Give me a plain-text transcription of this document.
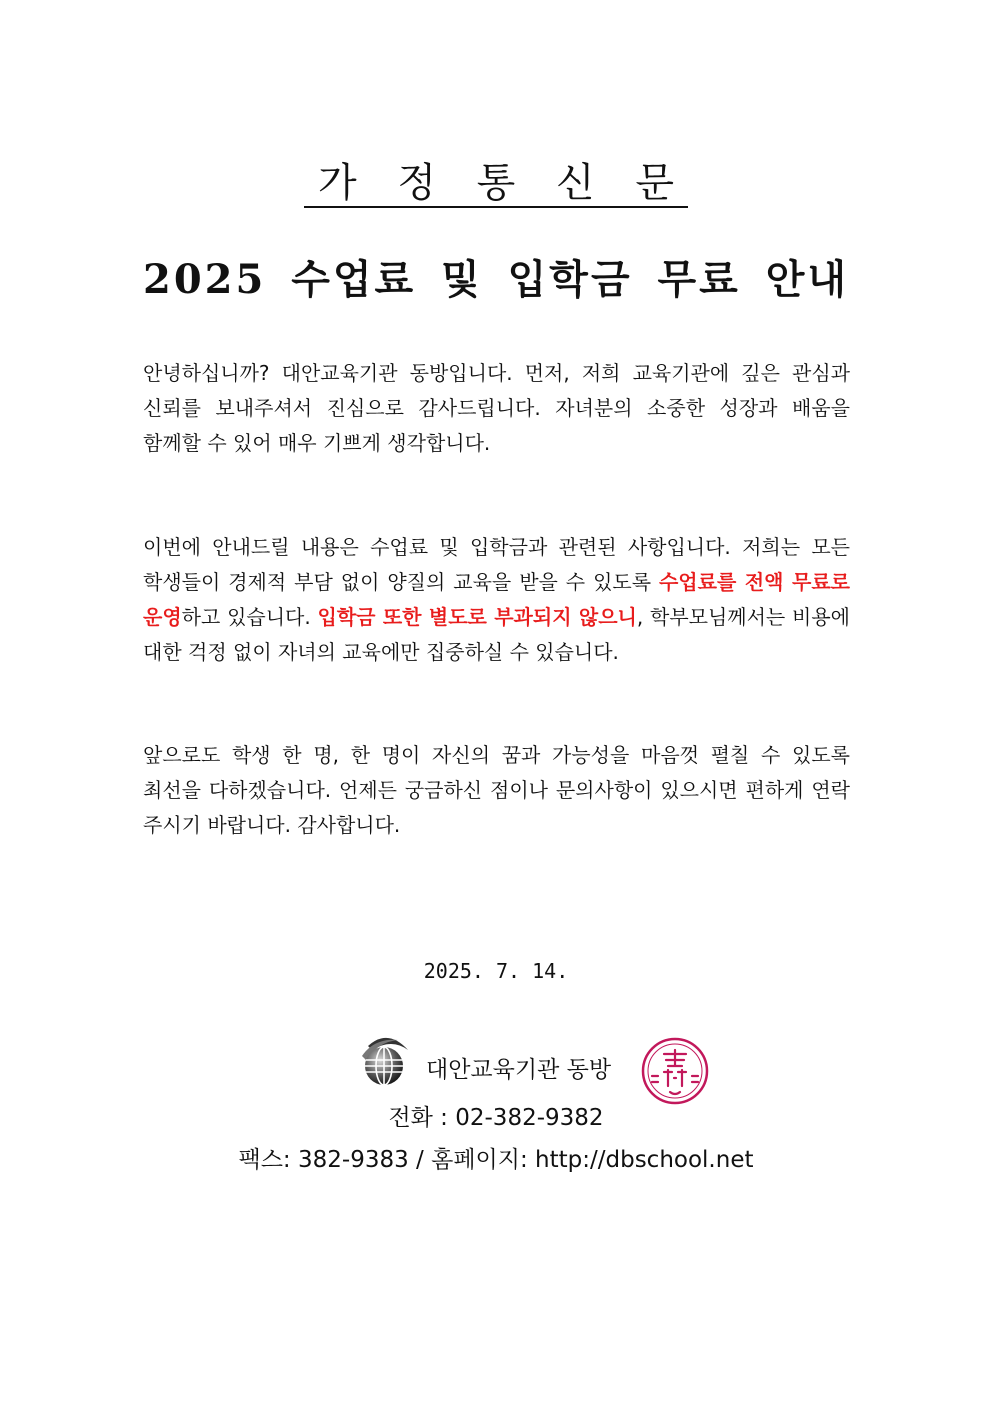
가 정 통 신 문
2025 수업료 및 입학금 무료 안내
안녕하십니까? 대안교육기관 동방입니다. 먼저, 저희 교육기관에 깊은 관심과 신뢰를 보내주셔서 진심으로 감사드립니다. 자녀분의 소중한 성장과 배움을 함께할 수 있어 매우 기쁘게 생각합니다.
이번에 안내드릴 내용은 수업료 및 입학금과 관련된 사항입니다. 저희는 모든 학생들이 경제적 부담 없이 양질의 교육을 받을 수 있도록 수업료를 전액 무료로 운영하고 있습니다. 입학금 또한 별도로 부과되지 않으니, 학부모님께서는 비용에 대한 걱정 없이 자녀의 교육에만 집중하실 수 있습니다.
앞으로도 학생 한 명, 한 명이 자신의 꿈과 가능성을 마음껏 펼칠 수 있도록 최선을 다하겠습니다. 언제든 궁금하신 점이나 문의사항이 있으시면 편하게 연락 주시기 바랍니다. 감사합니다.
2025. 7. 14.
대안교육기관 동방
전화 : 02-382-9382
팩스: 382-9383 / 홈페이지: http://dbschool.net
